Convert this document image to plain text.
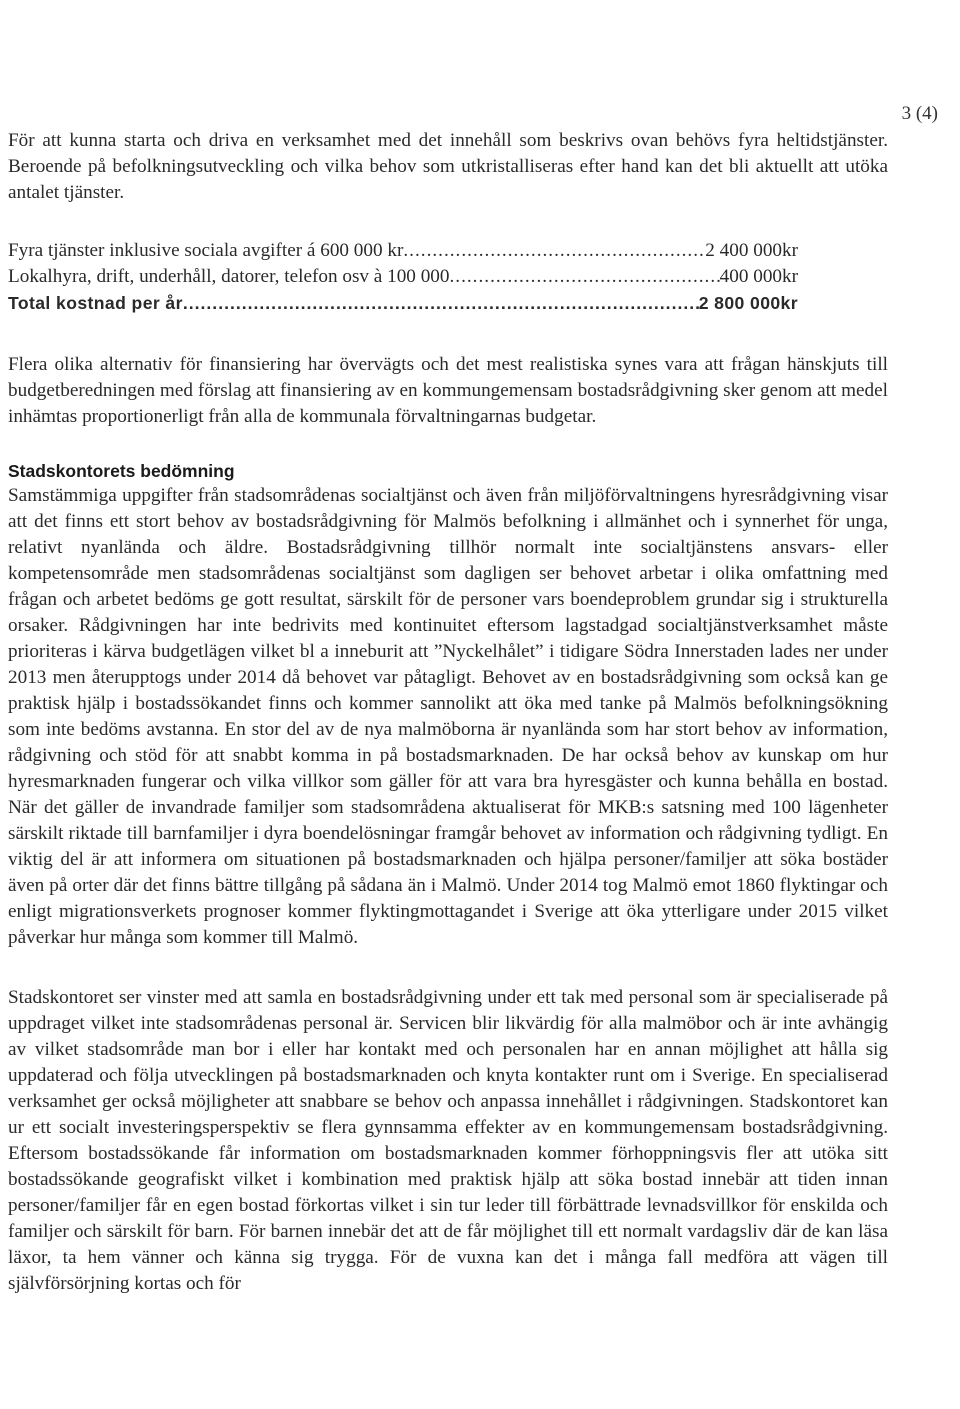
3 (4)

För att kunna starta och driva en verksamhet med det innehåll som beskrivs ovan behövs fyra heltidstjänster. Beroende på befolkningsutveckling och vilka behov som utkristalliseras efter hand kan det bli aktuellt att utöka antalet tjänster.

Fyra tjänster inklusive sociala avgifter á 600 000 kr .....	2 400 000kr
Lokalhyra, drift, underhåll, datorer, telefon osv à 100 000 .....	400 000kr
Total kostnad per år .....	2 800 000kr

Flera olika alternativ för finansiering har övervägts och det mest realistiska synes vara att frågan hänskjuts till budgetberedningen med förslag att finansiering av en kommungemensam bostadsrådgivning sker genom att medel inhämtas proportionerligt från alla de kommunala förvaltningarnas budgetar.

Stadskontorets bedömning

Samstämmiga uppgifter från stadsområdenas socialtjänst och även från miljöförvaltningens hyresrådgivning visar att det finns ett stort behov av bostadsrådgivning för Malmös befolkning i allmänhet och i synnerhet för unga, relativt nyanlända och äldre. Bostadsrådgivning tillhör normalt inte socialtjänstens ansvars- eller kompetensområde men stadsområdenas socialtjänst som dagligen ser behovet arbetar i olika omfattning med frågan och arbetet bedöms ge gott resultat, särskilt för de personer vars boendeproblem grundar sig i strukturella orsaker. Rådgivningen har inte bedrivits med kontinuitet eftersom lagstadgad socialtjänstverksamhet måste prioriteras i kärva budgetlägen vilket bl a inneburit att ”Nyckelhålet” i tidigare Södra Innerstaden lades ner under 2013 men återupptogs under 2014 då behovet var påtagligt. Behovet av en bostadsrådgivning som också kan ge praktisk hjälp i bostadssökandet finns och kommer sannolikt att öka med tanke på Malmös befolkningsökning som inte bedöms avstanna. En stor del av de nya malmöborna är nyanlända som har stort behov av information, rådgivning och stöd för att snabbt komma in på bostadsmarknaden. De har också behov av kunskap om hur hyresmarknaden fungerar och vilka villkor som gäller för att vara bra hyresgäster och kunna behålla en bostad. När det gäller de invandrade familjer som stadsområdena aktualiserat för MKB:s satsning med 100 lägenheter särskilt riktade till barnfamiljer i dyra boendelösningar framgår behovet av information och rådgivning tydligt. En viktig del är att informera om situationen på bostadsmarknaden och hjälpa personer/familjer att söka bostäder även på orter där det finns bättre tillgång på sådana än i Malmö. Under 2014 tog Malmö emot 1860 flyktingar och enligt migrationsverkets prognoser kommer flyktingmottagandet i Sverige att öka ytterligare under 2015 vilket påverkar hur många som kommer till Malmö.

Stadskontoret ser vinster med att samla en bostadsrådgivning under ett tak med personal som är specialiserade på uppdraget vilket inte stadsområdenas personal är. Servicen blir likvärdig för alla malmöbor och är inte avhängig av vilket stadsområde man bor i eller har kontakt med och personalen har en annan möjlighet att hålla sig uppdaterad och följa utvecklingen på bostadsmarknaden och knyta kontakter runt om i Sverige. En specialiserad verksamhet ger också möjligheter att snabbare se behov och anpassa innehållet i rådgivningen. Stadskontoret kan ur ett socialt investeringsperspektiv se flera gynnsamma effekter av en kommungemensam bostadsrådgivning. Eftersom bostadssökande får information om bostadsmarknaden kommer förhoppningsvis fler att utöka sitt bostadssökande geografiskt vilket i kombination med praktisk hjälp att söka bostad innebär att tiden innan personer/familjer får en egen bostad förkortas vilket i sin tur leder till förbättrade levnadsvillkor för enskilda och familjer och särskilt för barn. För barnen innebär det att de får möjlighet till ett normalt vardagsliv där de kan läsa läxor, ta hem vänner och känna sig trygga. För de vuxna kan det i många fall medföra att vägen till självförsörjning kortas och för
